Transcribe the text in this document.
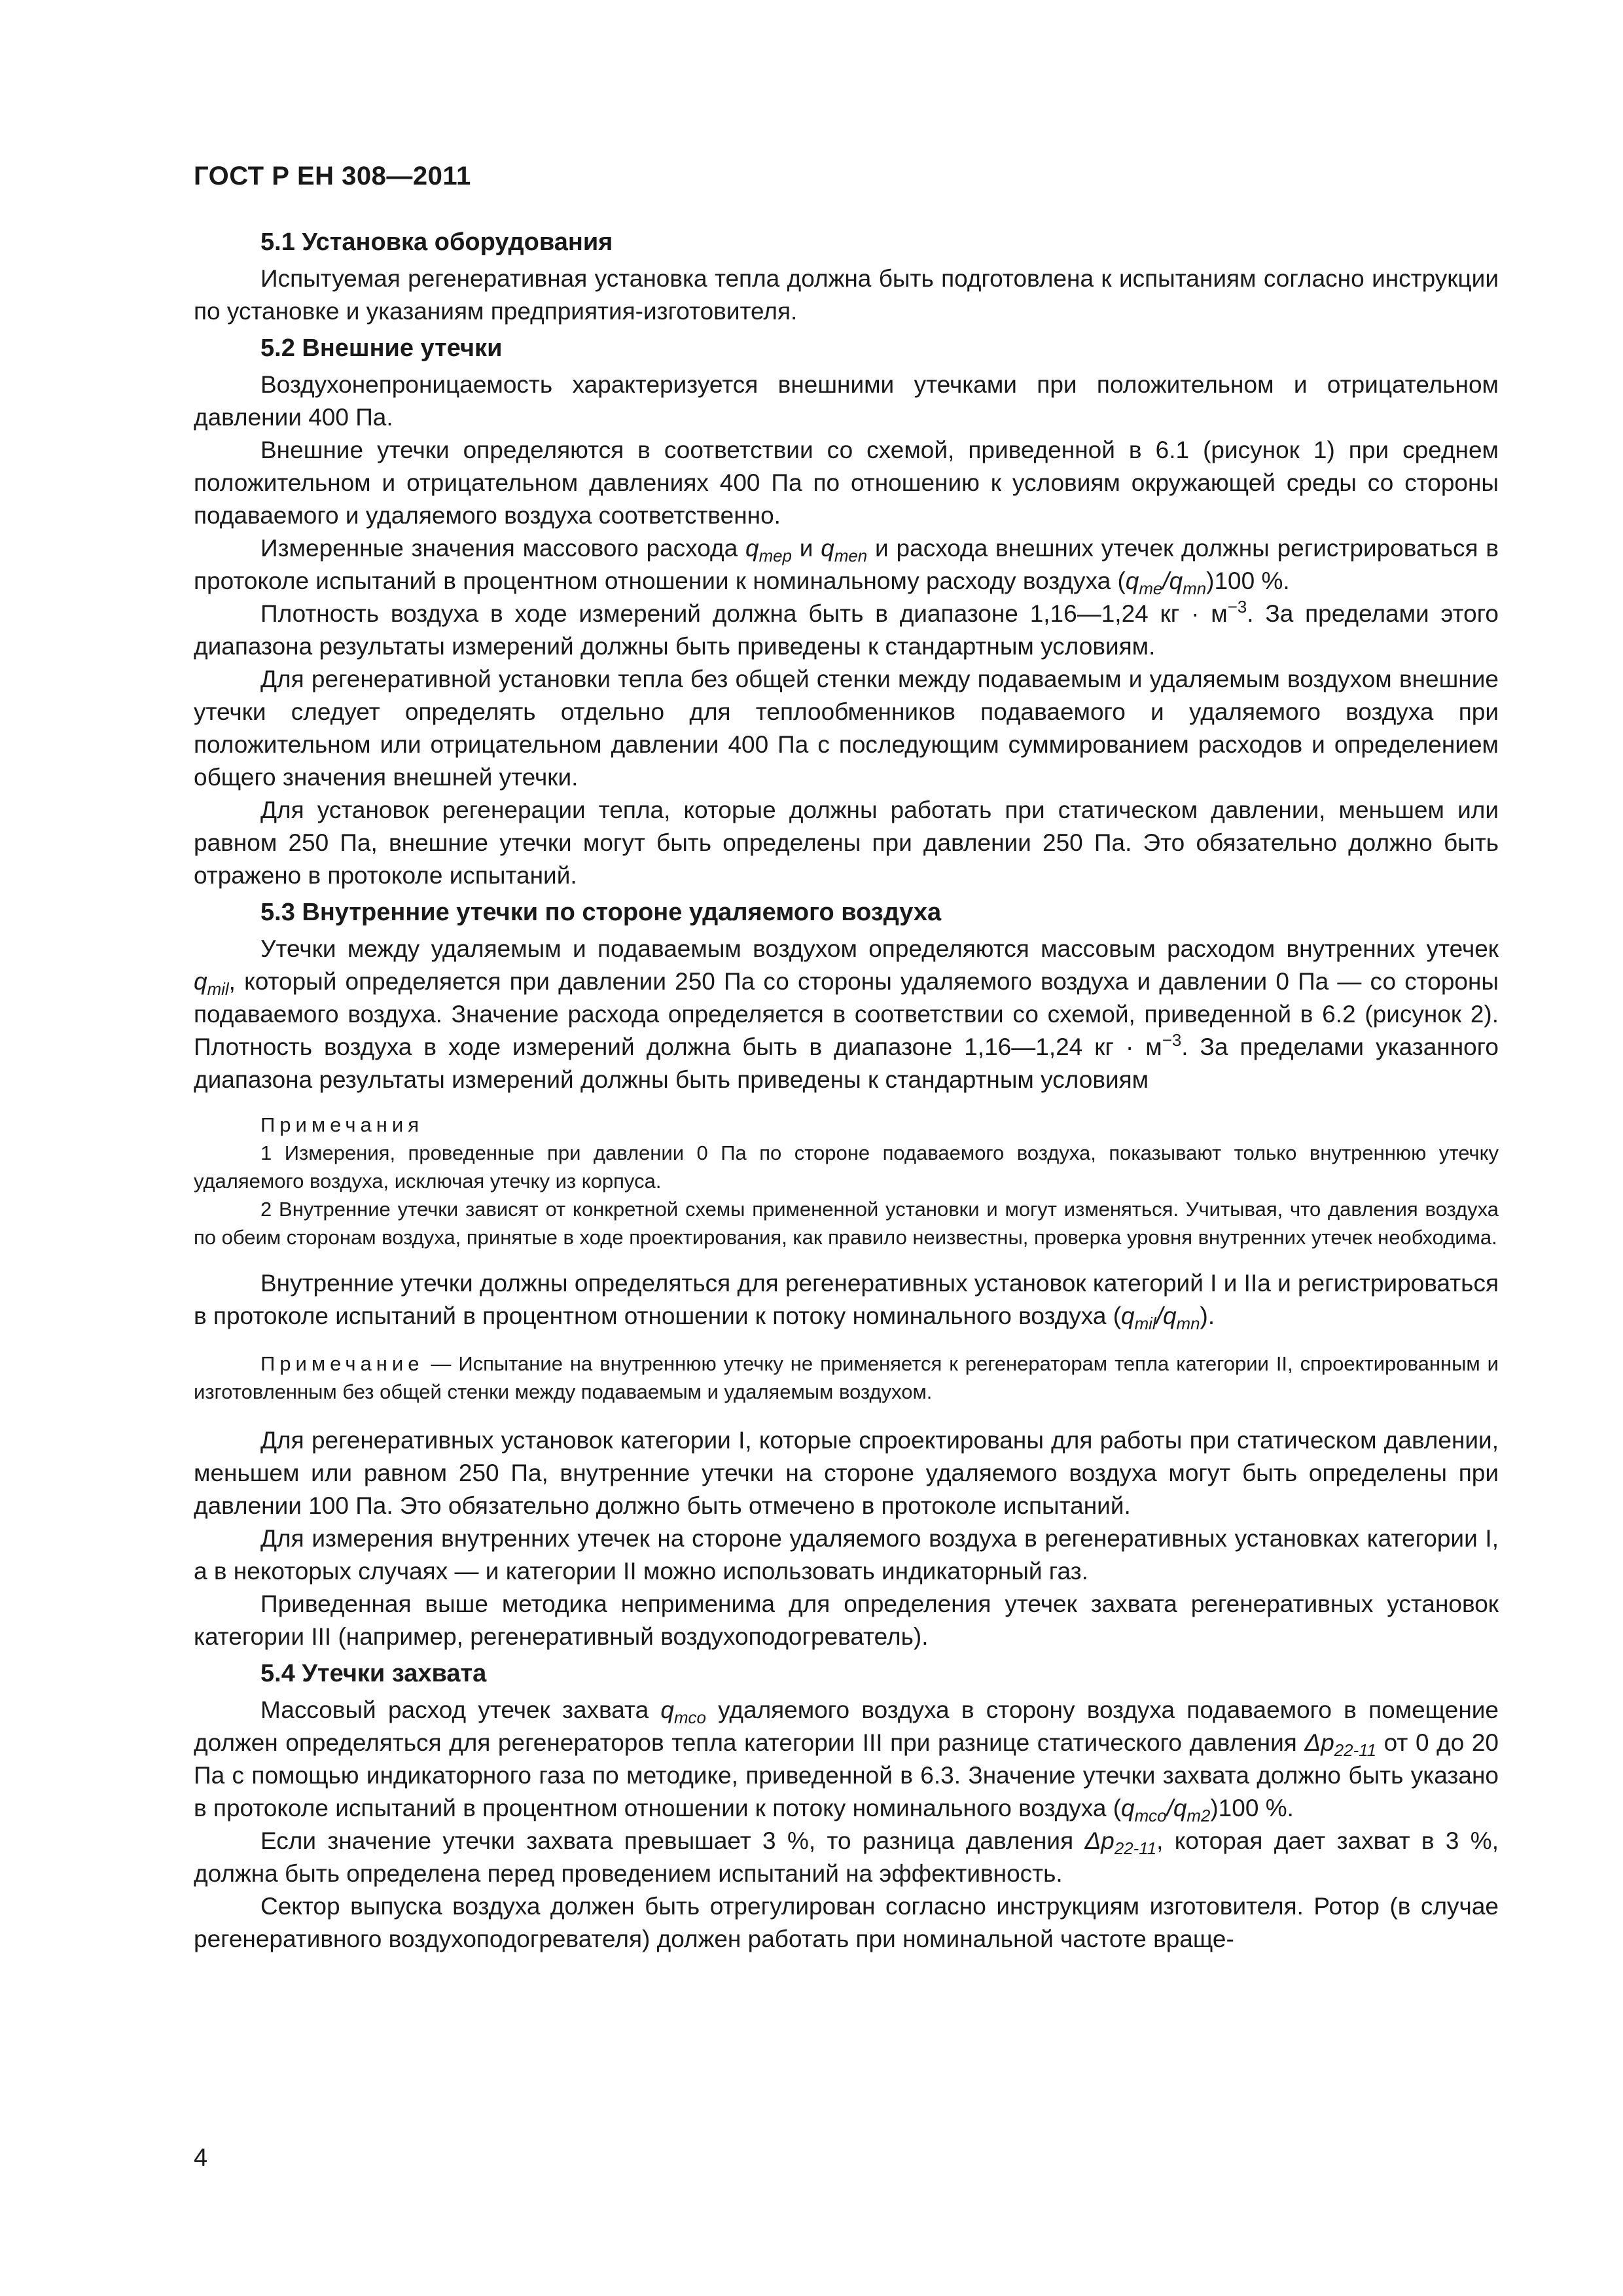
ГОСТ Р ЕН 308—2011

5.1 Установка оборудования

Испытуемая регенеративная установка тепла должна быть подготовлена к испытаниям согласно инструкции по установке и указаниям предприятия-изготовителя.

5.2 Внешние утечки

Воздухонепроницаемость характеризуется внешними утечками при положительном и отрицательном давлении 400 Па.

Внешние утечки определяются в соответствии со схемой, приведенной в 6.1 (рисунок 1) при среднем положительном и отрицательном давлениях 400 Па по отношению к условиям окружающей среды со стороны подаваемого и удаляемого воздуха соответственно.

Измеренные значения массового расхода $q_{mep}$ и $q_{men}$ и расхода внешних утечек должны регистрироваться в протоколе испытаний в процентном отношении к номинальному расходу воздуха $(q_{me}/q_{mn})100$ %.

Плотность воздуха в ходе измерений должна быть в диапазоне 1,16—1,24 кг · $м^{-3}$. За пределами этого диапазона результаты измерений должны быть приведены к стандартным условиям.

Для регенеративной установки тепла без общей стенки между подаваемым и удаляемым воздухом внешние утечки следует определять отдельно для теплообменников подаваемого и удаляемого воздуха при положительном или отрицательном давлении 400 Па с последующим суммированием расходов и определением общего значения внешней утечки.

Для установок регенерации тепла, которые должны работать при статическом давлении, меньшем или равном 250 Па, внешние утечки могут быть определены при давлении 250 Па. Это обязательно должно быть отражено в протоколе испытаний.

5.3 Внутренние утечки по стороне удаляемого воздуха

Утечки между удаляемым и подаваемым воздухом определяются массовым расходом внутренних утечек $q_{mil}$, который определяется при давлении 250 Па со стороны удаляемого воздуха и давлении 0 Па — со стороны подаваемого воздуха. Значение расхода определяется в соответствии со схемой, приведенной в 6.2 (рисунок 2). Плотность воздуха в ходе измерений должна быть в диапазоне 1,16—1,24 кг · $м^{-3}$. За пределами указанного диапазона результаты измерений должны быть приведены к стандартным условиям

Примечания

1 Измерения, проведенные при давлении 0 Па по стороне подаваемого воздуха, показывают только внутреннюю утечку удаляемого воздуха, исключая утечку из корпуса.

2 Внутренние утечки зависят от конкретной схемы примененной установки и могут изменяться. Учитывая, что давления воздуха по обеим сторонам воздуха, принятые в ходе проектирования, как правило неизвестны, проверка уровня внутренних утечек необходима.

Внутренние утечки должны определяться для регенеративных установок категорий I и IIа и регистрироваться в протоколе испытаний в процентном отношении к потоку номинального воздуха $(q_{mil}/q_{mn})$.

Примечание — Испытание на внутреннюю утечку не применяется к регенераторам тепла категории II, спроектированным и изготовленным без общей стенки между подаваемым и удаляемым воздухом.

Для регенеративных установок категории I, которые спроектированы для работы при статическом давлении, меньшем или равном 250 Па, внутренние утечки на стороне удаляемого воздуха могут быть определены при давлении 100 Па. Это обязательно должно быть отмечено в протоколе испытаний.

Для измерения внутренних утечек на стороне удаляемого воздуха в регенеративных установках категории I, а в некоторых случаях — и категории II можно использовать индикаторный газ.

Приведенная выше методика неприменима для определения утечек захвата регенеративных установок категории III (например, регенеративный воздухоподогреватель).

5.4 Утечки захвата

Массовый расход утечек захвата $q_{mco}$ удаляемого воздуха в сторону воздуха подаваемого в помещение должен определяться для регенераторов тепла категории III при разнице статического давления $\Delta p_{22-11}$ от 0 до 20 Па с помощью индикаторного газа по методике, приведенной в 6.3. Значение утечки захвата должно быть указано в протоколе испытаний в процентном отношении к потоку номинального воздуха $(q_{mco}/q_{m2})100$ %.

Если значение утечки захвата превышает 3 %, то разница давления $\Delta p_{22-11}$, которая дает захват в 3 %, должна быть определена перед проведением испытаний на эффективность.

Сектор выпуска воздуха должен быть отрегулирован согласно инструкциям изготовителя. Ротор (в случае регенеративного воздухоподогревателя) должен работать при номинальной частоте враще-

4
